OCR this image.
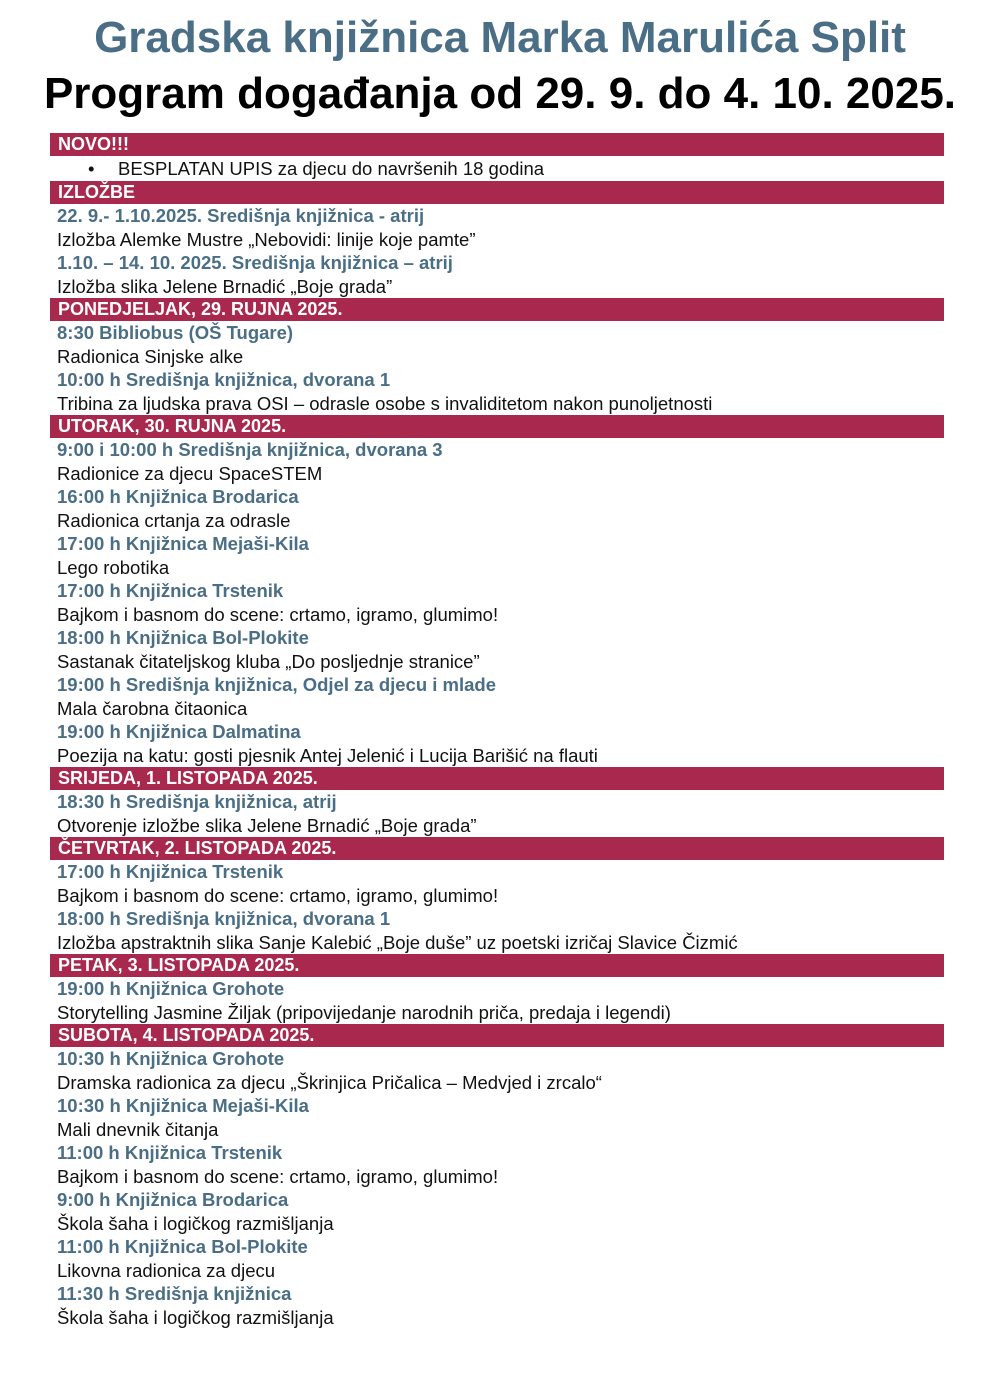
Gradska knjižnica Marka Marulića Split
Program događanja od 29. 9. do 4. 10. 2025.
NOVO!!!
• BESPLATAN UPIS za djecu do navršenih 18 godina
IZLOŽBE
22. 9.- 1.10.2025. Središnja knjižnica - atrij
Izložba Alemke Mustre „Nebovidi: linije koje pamte”
1.10. – 14. 10. 2025. Središnja knjižnica – atrij
Izložba slika Jelene Brnadić „Boje grada”
PONEDJELJAK, 29. RUJNA 2025.
8:30 Bibliobus (OŠ Tugare)
Radionica Sinjske alke
10:00 h Središnja knjižnica, dvorana 1
Tribina za ljudska prava OSI – odrasle osobe s invaliditetom nakon punoljetnosti
UTORAK, 30. RUJNA 2025.
9:00 i 10:00 h Središnja knjižnica, dvorana 3
Radionice za djecu SpaceSTEM
16:00 h Knjižnica Brodarica
Radionica crtanja za odrasle
17:00 h Knjižnica Mejaši-Kila
Lego robotika
17:00 h Knjižnica Trstenik
Bajkom i basnom do scene: crtamo, igramo, glumimo!
18:00 h Knjižnica Bol-Plokite
Sastanak čitateljskog kluba „Do posljednje stranice”
19:00 h Središnja knjižnica, Odjel za djecu i mlade
Mala čarobna čitaonica
19:00 h Knjižnica Dalmatina
Poezija na katu: gosti pjesnik Antej Jelenić i Lucija Barišić na flauti
SRIJEDA, 1. LISTOPADA 2025.
18:30 h Središnja knjižnica, atrij
Otvorenje izložbe slika Jelene Brnadić „Boje grada”
ČETVRTAK, 2. LISTOPADA 2025.
17:00 h Knjižnica Trstenik
Bajkom i basnom do scene: crtamo, igramo, glumimo!
18:00 h Središnja knjižnica, dvorana 1
Izložba apstraktnih slika Sanje Kalebić „Boje duše” uz poetski izričaj Slavice Čizmić
PETAK, 3. LISTOPADA 2025.
19:00 h Knjižnica Grohote
Storytelling Jasmine Žiljak (pripovijedanje narodnih priča, predaja i legendi)
SUBOTA, 4. LISTOPADA 2025.
10:30 h Knjižnica Grohote
Dramska radionica za djecu „Škrinjica Pričalica – Medvjed i zrcalo“
10:30 h Knjižnica Mejaši-Kila
Mali dnevnik čitanja
11:00 h Knjižnica Trstenik
Bajkom i basnom do scene: crtamo, igramo, glumimo!
9:00 h Knjižnica Brodarica
Škola šaha i logičkog razmišljanja
11:00 h Knjižnica Bol-Plokite
Likovna radionica za djecu
11:30 h Središnja knjižnica
Škola šaha i logičkog razmišljanja
